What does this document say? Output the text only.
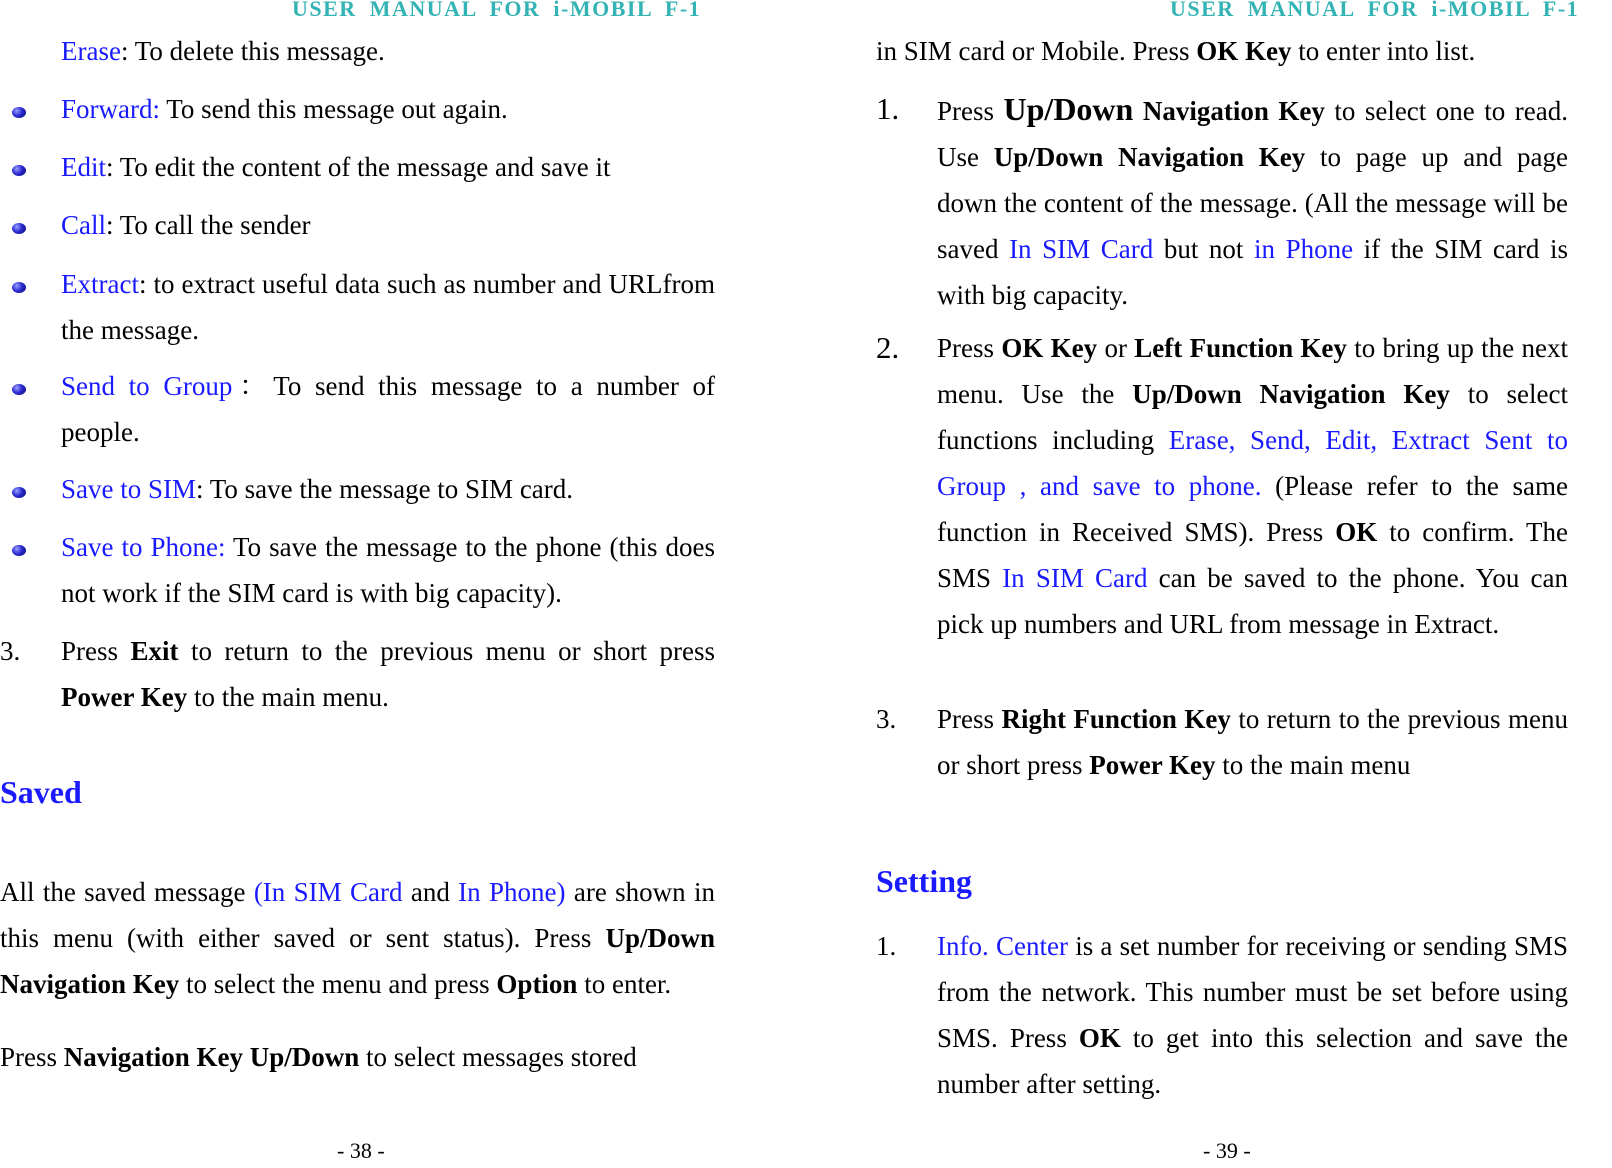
USER MANUAL FOR i-MOBIL F-1
Erase: To delete this message.
Forward: To send this message out again.
Edit: To edit the content of the message and save it
Call: To call the sender
Extract: to extract useful data such as number and URLfrom the message.
Send to Group：To send this message to a number of people.
Save to SIM: To save the message to SIM card.
Save to Phone: To save the message to the phone (this does not work if the SIM card is with big capacity).
3. Press Exit to return to the previous menu or short press Power Key to the main menu.
Saved
All the saved message (In SIM Card and In Phone) are shown in this menu (with either saved or sent status). Press Up/Down Navigation Key to select the menu and press Option to enter.
Press Navigation Key Up/Down to select messages stored
- 38 -
USER MANUAL FOR i-MOBIL F-1
in SIM card or Mobile. Press OK Key to enter into list.
1. Press Up/Down Navigation Key to select one to read. Use Up/Down Navigation Key to page up and page down the content of the message. (All the message will be saved In SIM Card but not in Phone if the SIM card is with big capacity.
2. Press OK Key or Left Function Key to bring up the next menu. Use the Up/Down Navigation Key to select functions including Erase, Send, Edit, Extract Sent to Group , and save to phone. (Please refer to the same function in Received SMS). Press OK to confirm. The SMS In SIM Card can be saved to the phone. You can pick up numbers and URL from message in Extract.
3. Press Right Function Key to return to the previous menu or short press Power Key to the main menu
Setting
1. Info. Center is a set number for receiving or sending SMS from the network. This number must be set before using SMS. Press OK to get into this selection and save the number after setting.
- 39 -
